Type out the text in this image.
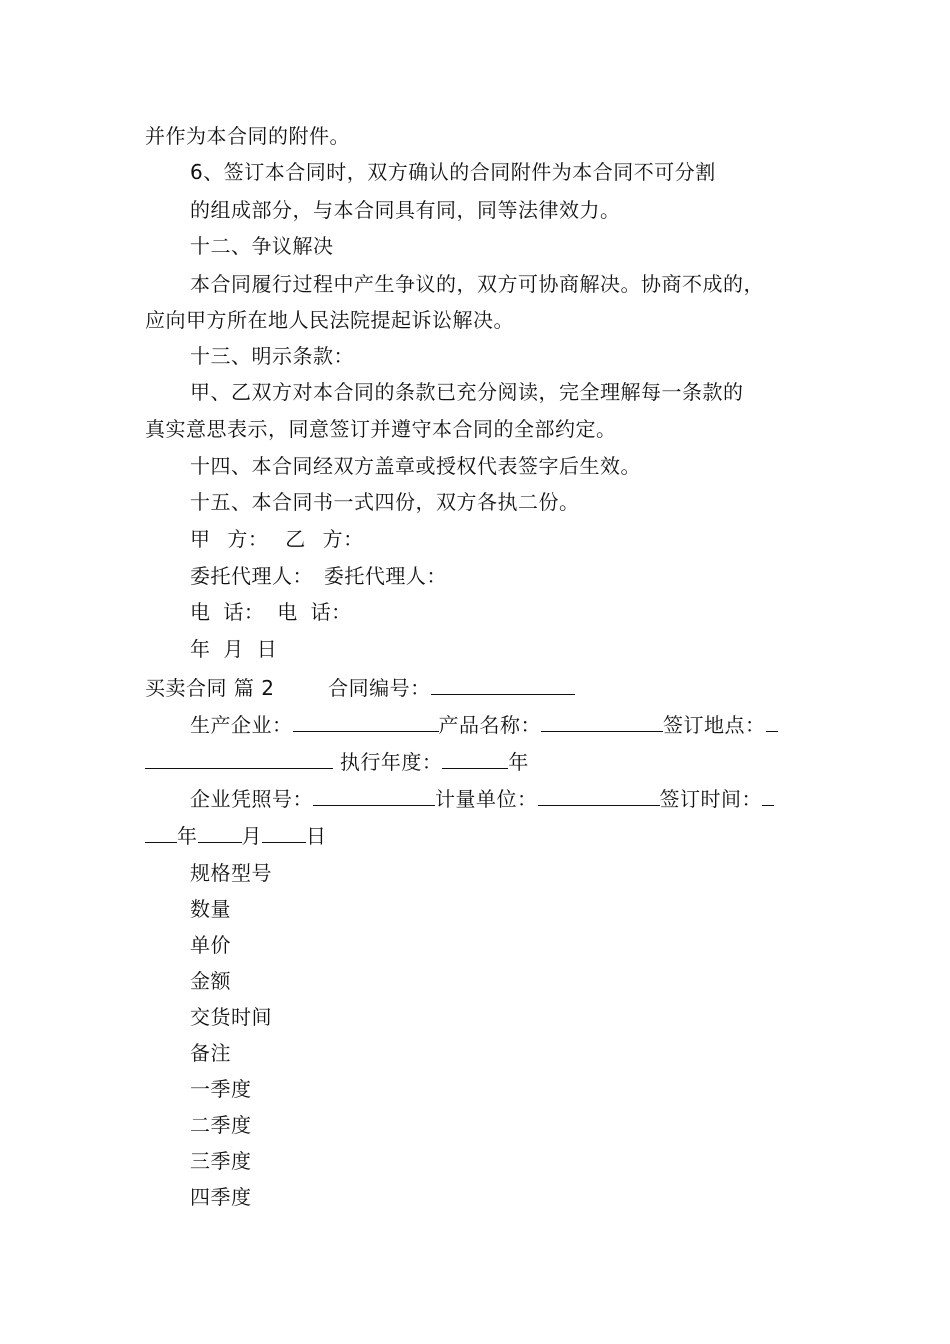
并作为本合同的附件。
6、签订本合同时，双方确认的合同附件为本合同不可分割
的组成部分，与本合同具有同，同等法律效力。
十二、争议解决
本合同履行过程中产生争议的，双方可协商解决。协商不成的，
应向甲方所在地人民法院提起诉讼解决。
十三、明示条款：
甲、乙双方对本合同的条款已充分阅读，完全理解每一条款的
真实意思表示，同意签订并遵守本合同的全部约定。
十四、本合同经双方盖章或授权代表签字后生效。
十五、本合同书一式四份，双方各执二份。
甲 方： 乙 方：
委托代理人： 委托代理人：
电 话： 电 话：
年 月 日
买卖合同 篇 2	合同编号：
生产企业：	产品名称：	签订地点：
执行年度：	年
企业凭照号：	计量单位：	签订时间：
年 月 日
规格型号
数量
单价
金额
交货时间
备注
一季度
二季度
三季度
四季度
